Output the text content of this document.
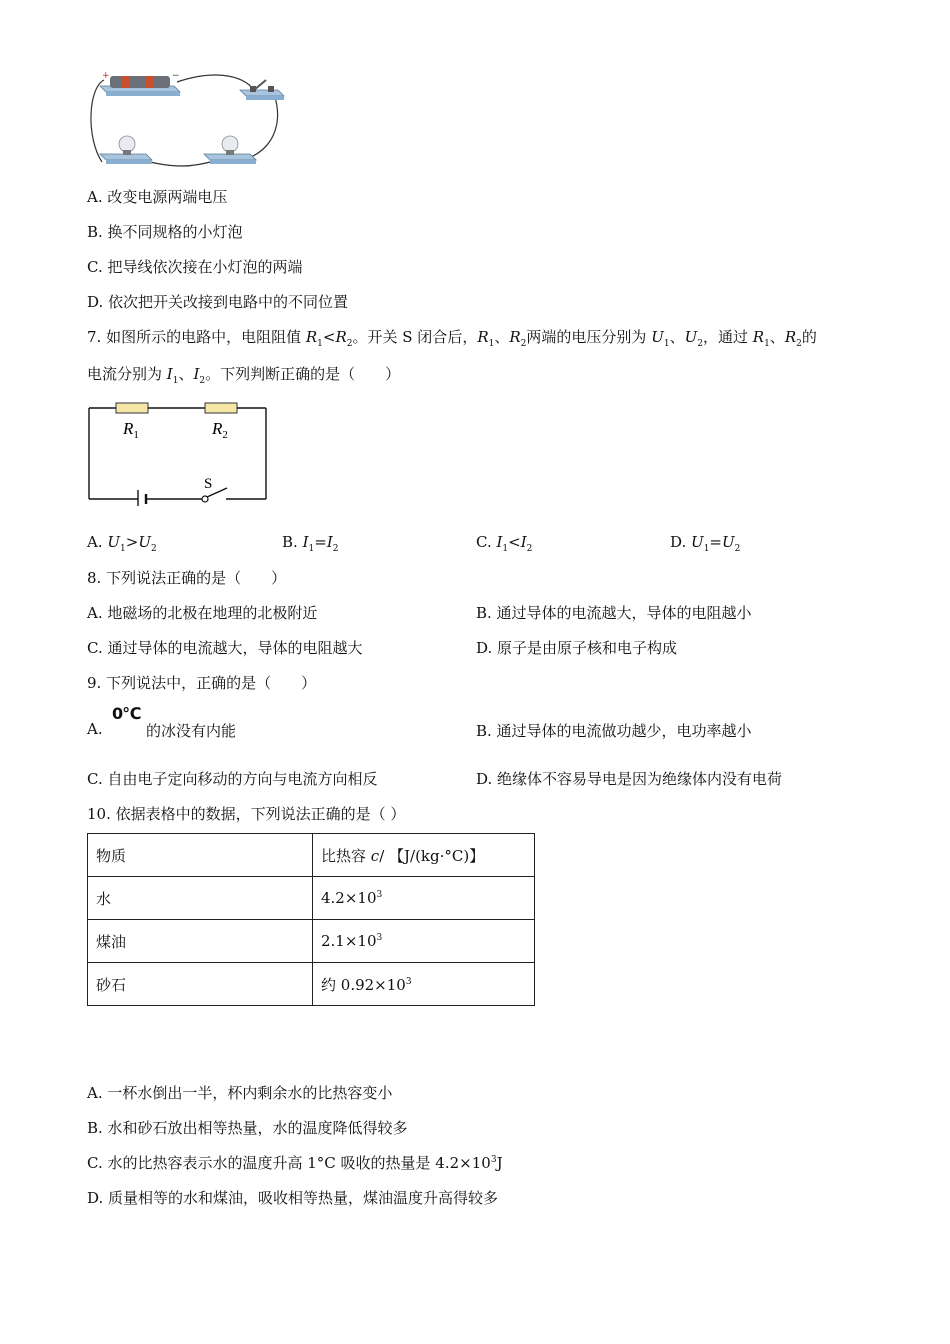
+	−
A. 改变电源两端电压
B. 换不同规格的小灯泡
C. 把导线依次接在小灯泡的两端
D. 依次把开关改接到电路中的不同位置
7. 如图所示的电路中，电阻阻值 $R_1<R_2$。开关 S 闭合后，$R_1$、$R_2$两端的电压分别为 $U_1$、$U_2$，通过 $R_1$、$R_2$的
电流分别为 $I_1$、$I_2$。下列判断正确的是（　　）
$R_1$	$R_2$
S
A. $U_1>U_2$	B. $I_1=I_2$	C. $I_1<I_2$	D. $U_1=U_2$
8. 下列说法正确的是（　　）
A. 地磁场的北极在地理的北极附近	B. 通过导体的电流越大，导体的电阻越小
C. 通过导体的电流越大，导体的电阻越大	D. 原子是由原子核和电子构成
9. 下列说法中，正确的是（　　）
A.
0℃
的冰没有内能	B. 通过导体的电流做功越少，电功率越小
C. 自由电子定向移动的方向与电流方向相反	D. 绝缘体不容易导电是因为绝缘体内没有电荷
10. 依据表格中的数据，下列说法正确的是（ ）
物质	比热容 c/ 【J/(kg·°C)】
水	$4.2\times 10^3$
煤油	$2.1\times 10^3$
砂石	约 $0.92\times 10^3$
A. 一杯水倒出一半，杯内剩余水的比热容变小
B. 水和砂石放出相等热量，水的温度降低得较多
C. 水的比热容表示水的温度升高 1°C 吸收的热量是 $4.2\times 10^3J$
D. 质量相等的水和煤油，吸收相等热量，煤油温度升高得较多
